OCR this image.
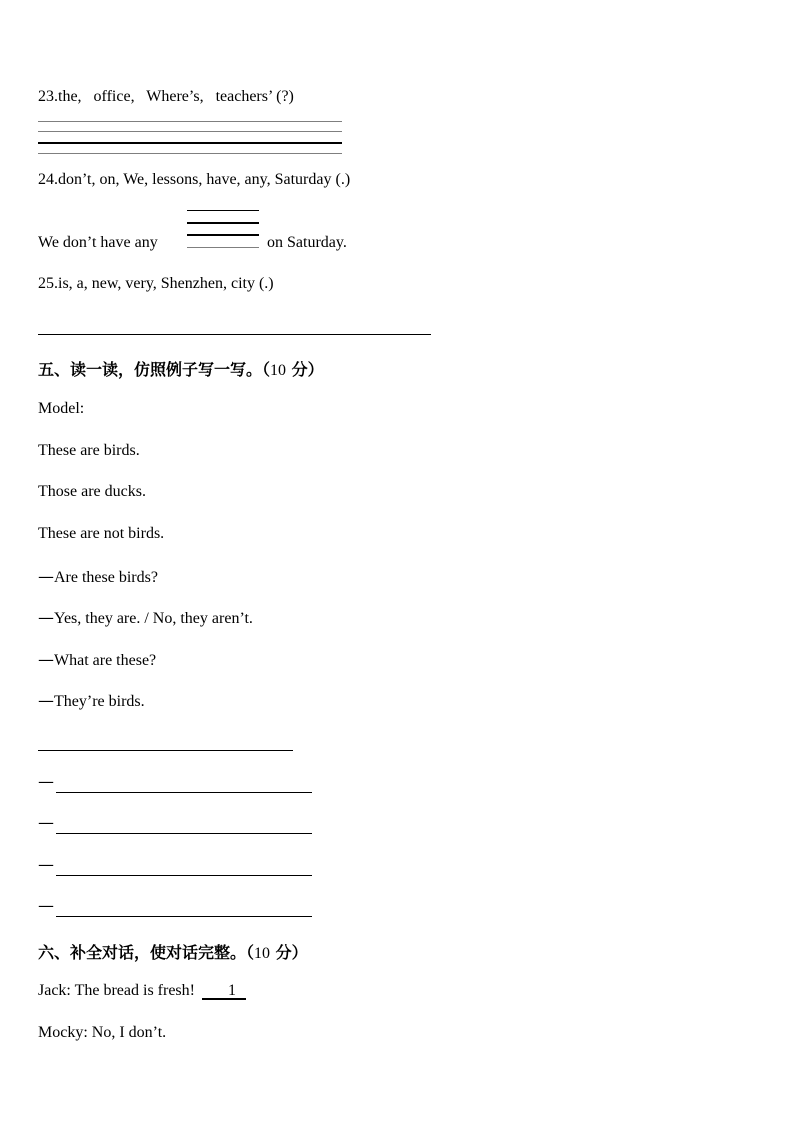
23.the,   office,   Where’s,   teachers’ (?)
24.don’t, on, We, lessons, have, any, Saturday (.)
We don’t have any	on Saturday.
25.is, a, new, very, Shenzhen, city (.)
五、读一读，仿照例子写一写。（10 分）
Model:
These are birds.
Those are ducks.
These are not birds.
—Are these birds?
—Yes, they are. / No, they aren’t.
—What are these?
—They’re birds.
—
—
—
—
六、补全对话，使对话完整。（10 分）
Jack: The bread is fresh! 1
Mocky: No, I don’t.
